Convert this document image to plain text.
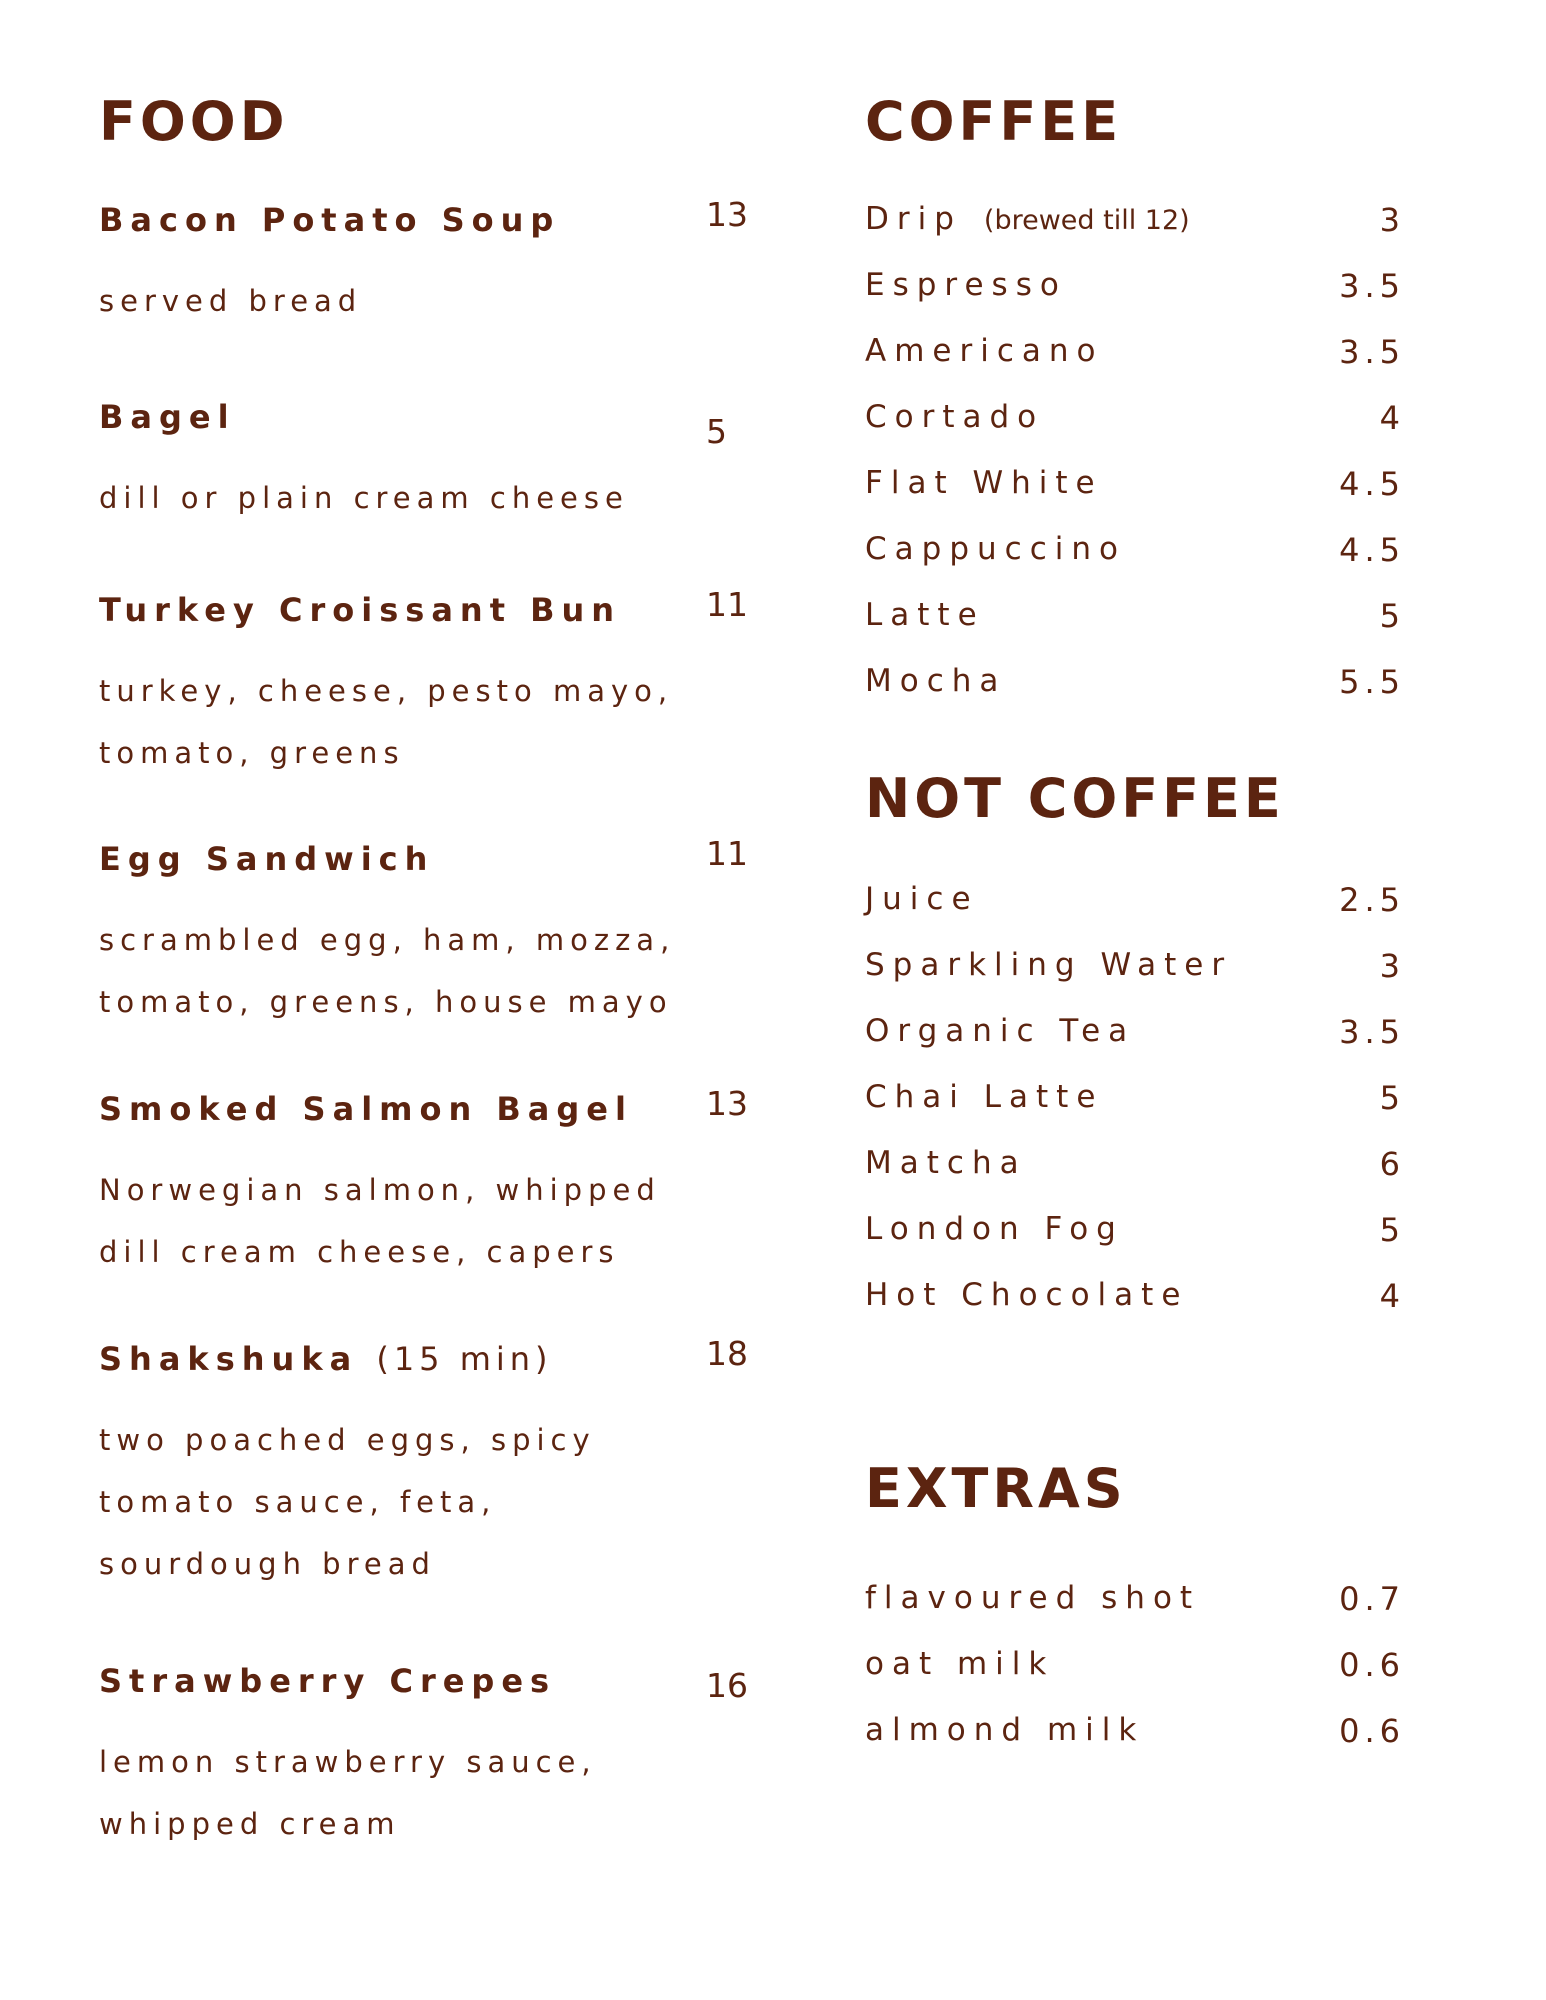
FOOD
Bacon Potato Soup	13
served bread
Bagel	5
dill or plain cream cheese
Turkey Croissant Bun	11
turkey, cheese, pesto mayo,
tomato, greens
Egg Sandwich	11
scrambled egg, ham, mozza,
tomato, greens, house mayo
Smoked Salmon Bagel 13
Norwegian salmon, whipped
dill cream cheese, capers
Shakshuka (15 min)	18
two poached eggs, spicy
tomato sauce, feta,
sourdough bread
Strawberry Crepes	16
lemon strawberry sauce,
whipped cream
COFFEE
Drip (brewed till 12)	3
Espresso	3.5
Americano	3.5
Cortado	4
Flat White	4.5
Cappuccino	4.5
Latte	5
Mocha	5.5
NOT COFFEE
Juice	2.5
Sparkling Water	3
Organic Tea	3.5
Chai Latte	5
Matcha	6
London Fog	5
Hot Chocolate	4
EXTRAS
flavoured shot	0.7
oat milk	0.6
almond milk	0.6
